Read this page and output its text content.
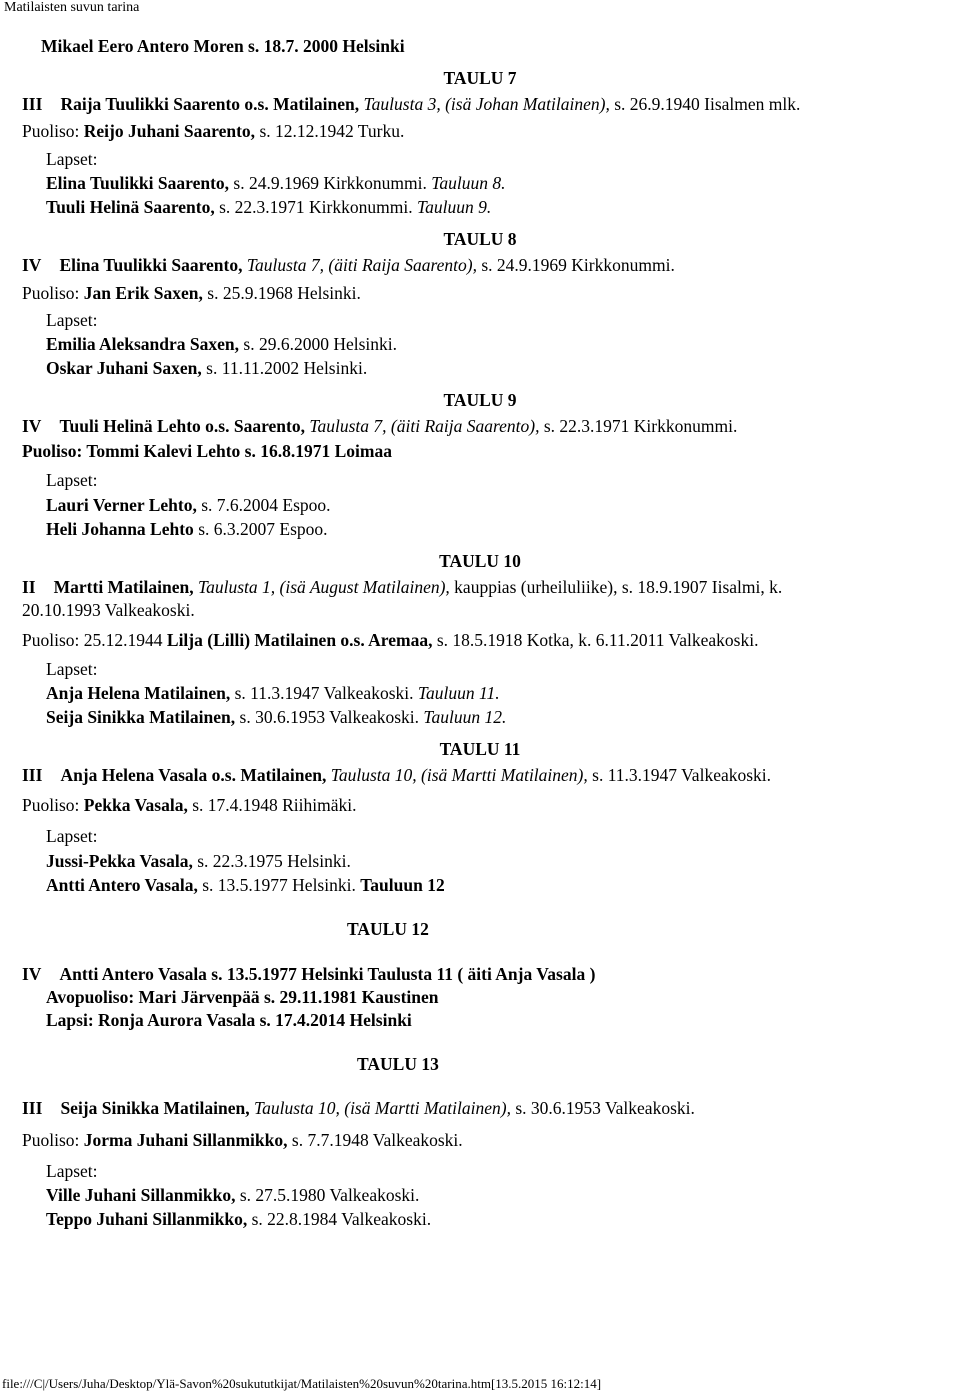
Matilaisten suvun tarina
Mikael Eero Antero Moren s. 18.7. 2000 Helsinki
TAULU 7
III Raija Tuulikki Saarento o.s. Matilainen, Taulusta 3, (isä Johan Matilainen), s. 26.9.1940 Iisalmen mlk.
Puoliso: Reijo Juhani Saarento, s. 12.12.1942 Turku.
Lapset:
Elina Tuulikki Saarento, s. 24.9.1969 Kirkkonummi. Tauluun 8.
Tuuli Helinä Saarento, s. 22.3.1971 Kirkkonummi. Tauluun 9.
TAULU 8
IV Elina Tuulikki Saarento, Taulusta 7, (äiti Raija Saarento), s. 24.9.1969 Kirkkonummi.
Puoliso: Jan Erik Saxen, s. 25.9.1968 Helsinki.
Lapset:
Emilia Aleksandra Saxen, s. 29.6.2000 Helsinki.
Oskar Juhani Saxen, s. 11.11.2002 Helsinki.
TAULU 9
IV Tuuli Helinä Lehto o.s. Saarento, Taulusta 7, (äiti Raija Saarento), s. 22.3.1971 Kirkkonummi.
Puoliso: Tommi Kalevi Lehto s. 16.8.1971 Loimaa
Lapset:
Lauri Verner Lehto, s. 7.6.2004 Espoo.
Heli Johanna Lehto s. 6.3.2007 Espoo.
TAULU 10
II Martti Matilainen, Taulusta 1, (isä August Matilainen), kauppias (urheiluliike), s. 18.9.1907 Iisalmi, k.
20.10.1993 Valkeakoski.
Puoliso: 25.12.1944 Lilja (Lilli) Matilainen o.s. Aremaa, s. 18.5.1918 Kotka, k. 6.11.2011 Valkeakoski.
Lapset:
Anja Helena Matilainen, s. 11.3.1947 Valkeakoski. Tauluun 11.
Seija Sinikka Matilainen, s. 30.6.1953 Valkeakoski. Tauluun 12.
TAULU 11
III Anja Helena Vasala o.s. Matilainen, Taulusta 10, (isä Martti Matilainen), s. 11.3.1947 Valkeakoski.
Puoliso: Pekka Vasala, s. 17.4.1948 Riihimäki.
Lapset:
Jussi-Pekka Vasala, s. 22.3.1975 Helsinki.
Antti Antero Vasala, s. 13.5.1977 Helsinki. Tauluun 12
TAULU 12
IV Antti Antero Vasala s. 13.5.1977 Helsinki Taulusta 11 ( äiti Anja Vasala )
Avopuoliso: Mari Järvenpää s. 29.11.1981 Kaustinen
Lapsi: Ronja Aurora Vasala s. 17.4.2014 Helsinki
TAULU 13
III Seija Sinikka Matilainen, Taulusta 10, (isä Martti Matilainen), s. 30.6.1953 Valkeakoski.
Puoliso: Jorma Juhani Sillanmikko, s. 7.7.1948 Valkeakoski.
Lapset:
Ville Juhani Sillanmikko, s. 27.5.1980 Valkeakoski.
Teppo Juhani Sillanmikko, s. 22.8.1984 Valkeakoski.
file:///C|/Users/Juha/Desktop/Ylä-Savon%20sukututkijat/Matilaisten%20suvun%20tarina.htm[13.5.2015 16:12:14]
